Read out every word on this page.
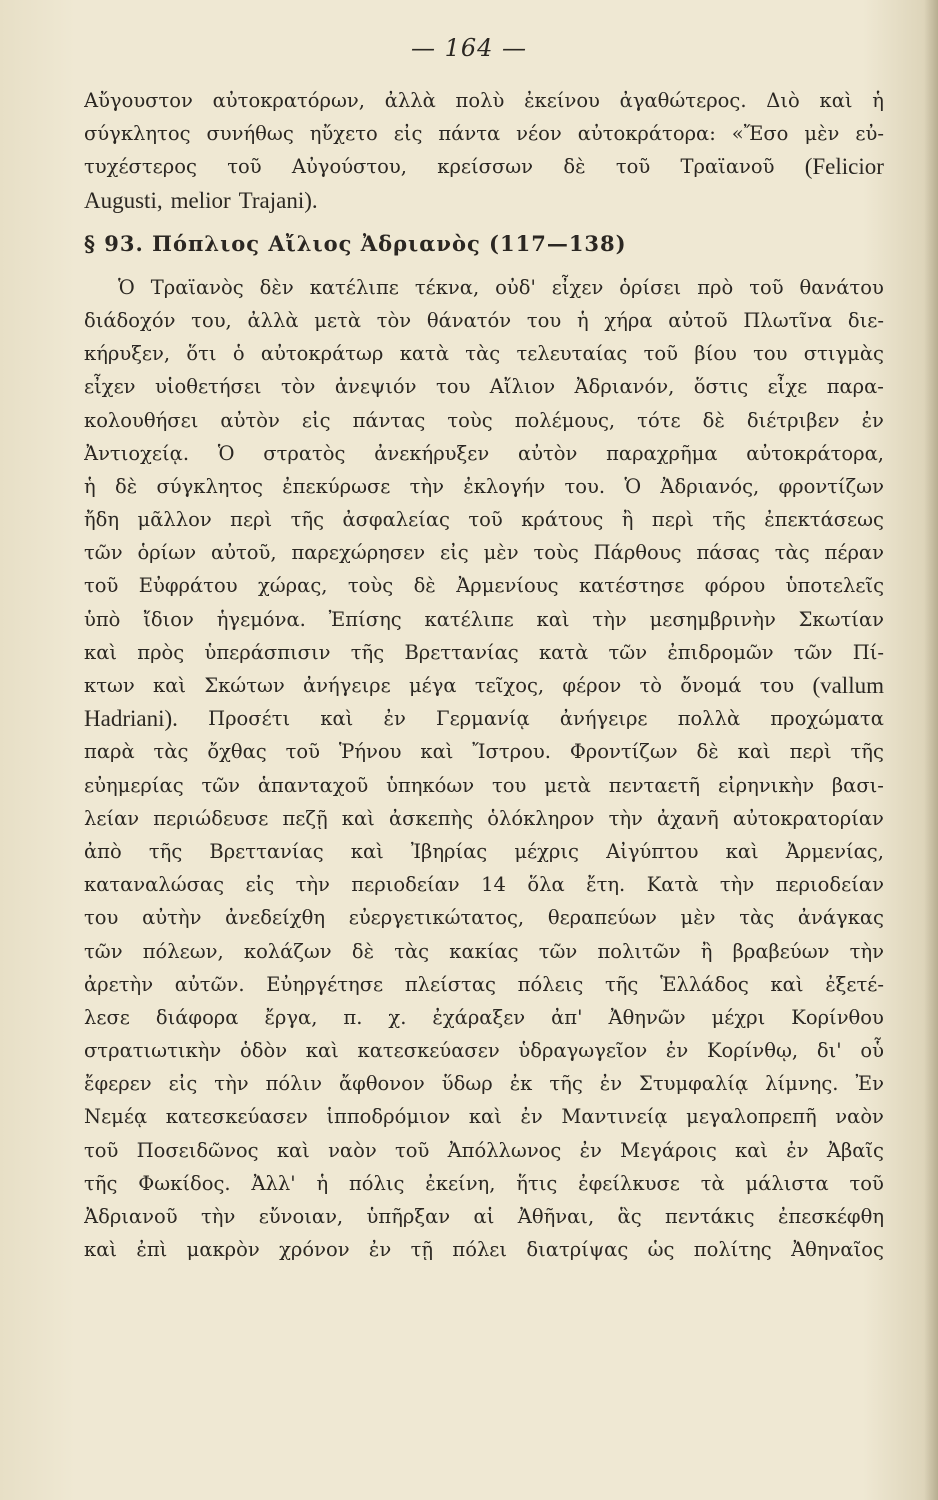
— 164 —
Αὔγουστον αὐτοκρατόρων, ἀλλὰ πολὺ ἐκείνου ἀγαθώτερος. Διὸ καὶ ἡ
σύγκλητος συνήθως ηὔχετο εἰς πάντα νέον αὐτοκράτορα: «Ἔσο μὲν εὐ-
τυχέστερος τοῦ Αὐγούστου, κρείσσων δὲ τοῦ Τραϊανοῦ (Felicior
Augusti, melior Trajani).
§ 93. Πόπλιος Αἴλιος Ἀδριανὸς (117—138)
Ὁ Τραϊανὸς δὲν κατέλιπε τέκνα, οὐδ' εἶχεν ὁρίσει πρὸ τοῦ θανάτου
διάδοχόν του, ἀλλὰ μετὰ τὸν θάνατόν του ἡ χήρα αὐτοῦ Πλωτῖνα διε-
κήρυξεν, ὅτι ὁ αὐτοκράτωρ κατὰ τὰς τελευταίας τοῦ βίου του στιγμὰς
εἶχεν υἱοθετήσει τὸν ἀνεψιόν του Αἴλιον Ἀδριανόν, ὅστις εἶχε παρα-
κολουθήσει αὐτὸν εἰς πάντας τοὺς πολέμους, τότε δὲ διέτριβεν ἐν
Ἀντιοχείᾳ. Ὁ στρατὸς ἀνεκήρυξεν αὐτὸν παραχρῆμα αὐτοκράτορα,
ἡ δὲ σύγκλητος ἐπεκύρωσε τὴν ἐκλογήν του. Ὁ Ἀδριανός, φροντίζων
ἤδη μᾶλλον περὶ τῆς ἀσφαλείας τοῦ κράτους ἢ περὶ τῆς ἐπεκτάσεως
τῶν ὁρίων αὐτοῦ, παρεχώρησεν εἰς μὲν τοὺς Πάρθους πάσας τὰς πέραν
τοῦ Εὐφράτου χώρας, τοὺς δὲ Ἀρμενίους κατέστησε φόρου ὑποτελεῖς
ὑπὸ ἴδιον ἡγεμόνα. Ἐπίσης κατέλιπε καὶ τὴν μεσημβρινὴν Σκωτίαν
καὶ πρὸς ὑπεράσπισιν τῆς Βρεττανίας κατὰ τῶν ἐπιδρομῶν τῶν Πί-
κτων καὶ Σκώτων ἀνήγειρε μέγα τεῖχος, φέρον τὸ ὄνομά του (vallum
Hadriani). Προσέτι καὶ ἐν Γερμανίᾳ ἀνήγειρε πολλὰ προχώματα
παρὰ τὰς ὄχθας τοῦ Ῥήνου καὶ Ἴστρου. Φροντίζων δὲ καὶ περὶ τῆς
εὐημερίας τῶν ἁπανταχοῦ ὑπηκόων του μετὰ πενταετῆ εἰρηνικὴν βασι-
λείαν περιώδευσε πεζῇ καὶ ἀσκεπὴς ὁλόκληρον τὴν ἀχανῆ αὐτοκρατορίαν
ἀπὸ τῆς Βρεττανίας καὶ Ἰβηρίας μέχρις Αἰγύπτου καὶ Ἀρμενίας,
καταναλώσας εἰς τὴν περιοδείαν 14 ὅλα ἔτη. Κατὰ τὴν περιοδείαν
του αὐτὴν ἀνεδείχθη εὐεργετικώτατος, θεραπεύων μὲν τὰς ἀνάγκας
τῶν πόλεων, κολάζων δὲ τὰς κακίας τῶν πολιτῶν ἢ βραβεύων τὴν
ἀρετὴν αὐτῶν. Εὐηργέτησε πλείστας πόλεις τῆς Ἑλλάδος καὶ ἐξετέ-
λεσε διάφορα ἔργα, π. χ. ἐχάραξεν ἀπ' Ἀθηνῶν μέχρι Κορίνθου
στρατιωτικὴν ὁδὸν καὶ κατεσκεύασεν ὑδραγωγεῖον ἐν Κορίνθῳ, δι' οὗ
ἔφερεν εἰς τὴν πόλιν ἄφθονον ὕδωρ ἐκ τῆς ἐν Στυμφαλίᾳ λίμνης. Ἐν
Νεμέᾳ κατεσκεύασεν ἱπποδρόμιον καὶ ἐν Μαντινείᾳ μεγαλοπρεπῆ ναὸν
τοῦ Ποσειδῶνος καὶ ναὸν τοῦ Ἀπόλλωνος ἐν Μεγάροις καὶ ἐν Ἀβαῖς
τῆς Φωκίδος. Ἀλλ' ἡ πόλις ἐκείνη, ἥτις ἐφείλκυσε τὰ μάλιστα τοῦ
Ἀδριανοῦ τὴν εὔνοιαν, ὑπῆρξαν αἱ Ἀθῆναι, ἃς πεντάκις ἐπεσκέφθη
καὶ ἐπὶ μακρὸν χρόνον ἐν τῇ πόλει διατρίψας ὡς πολίτης Ἀθηναῖος
